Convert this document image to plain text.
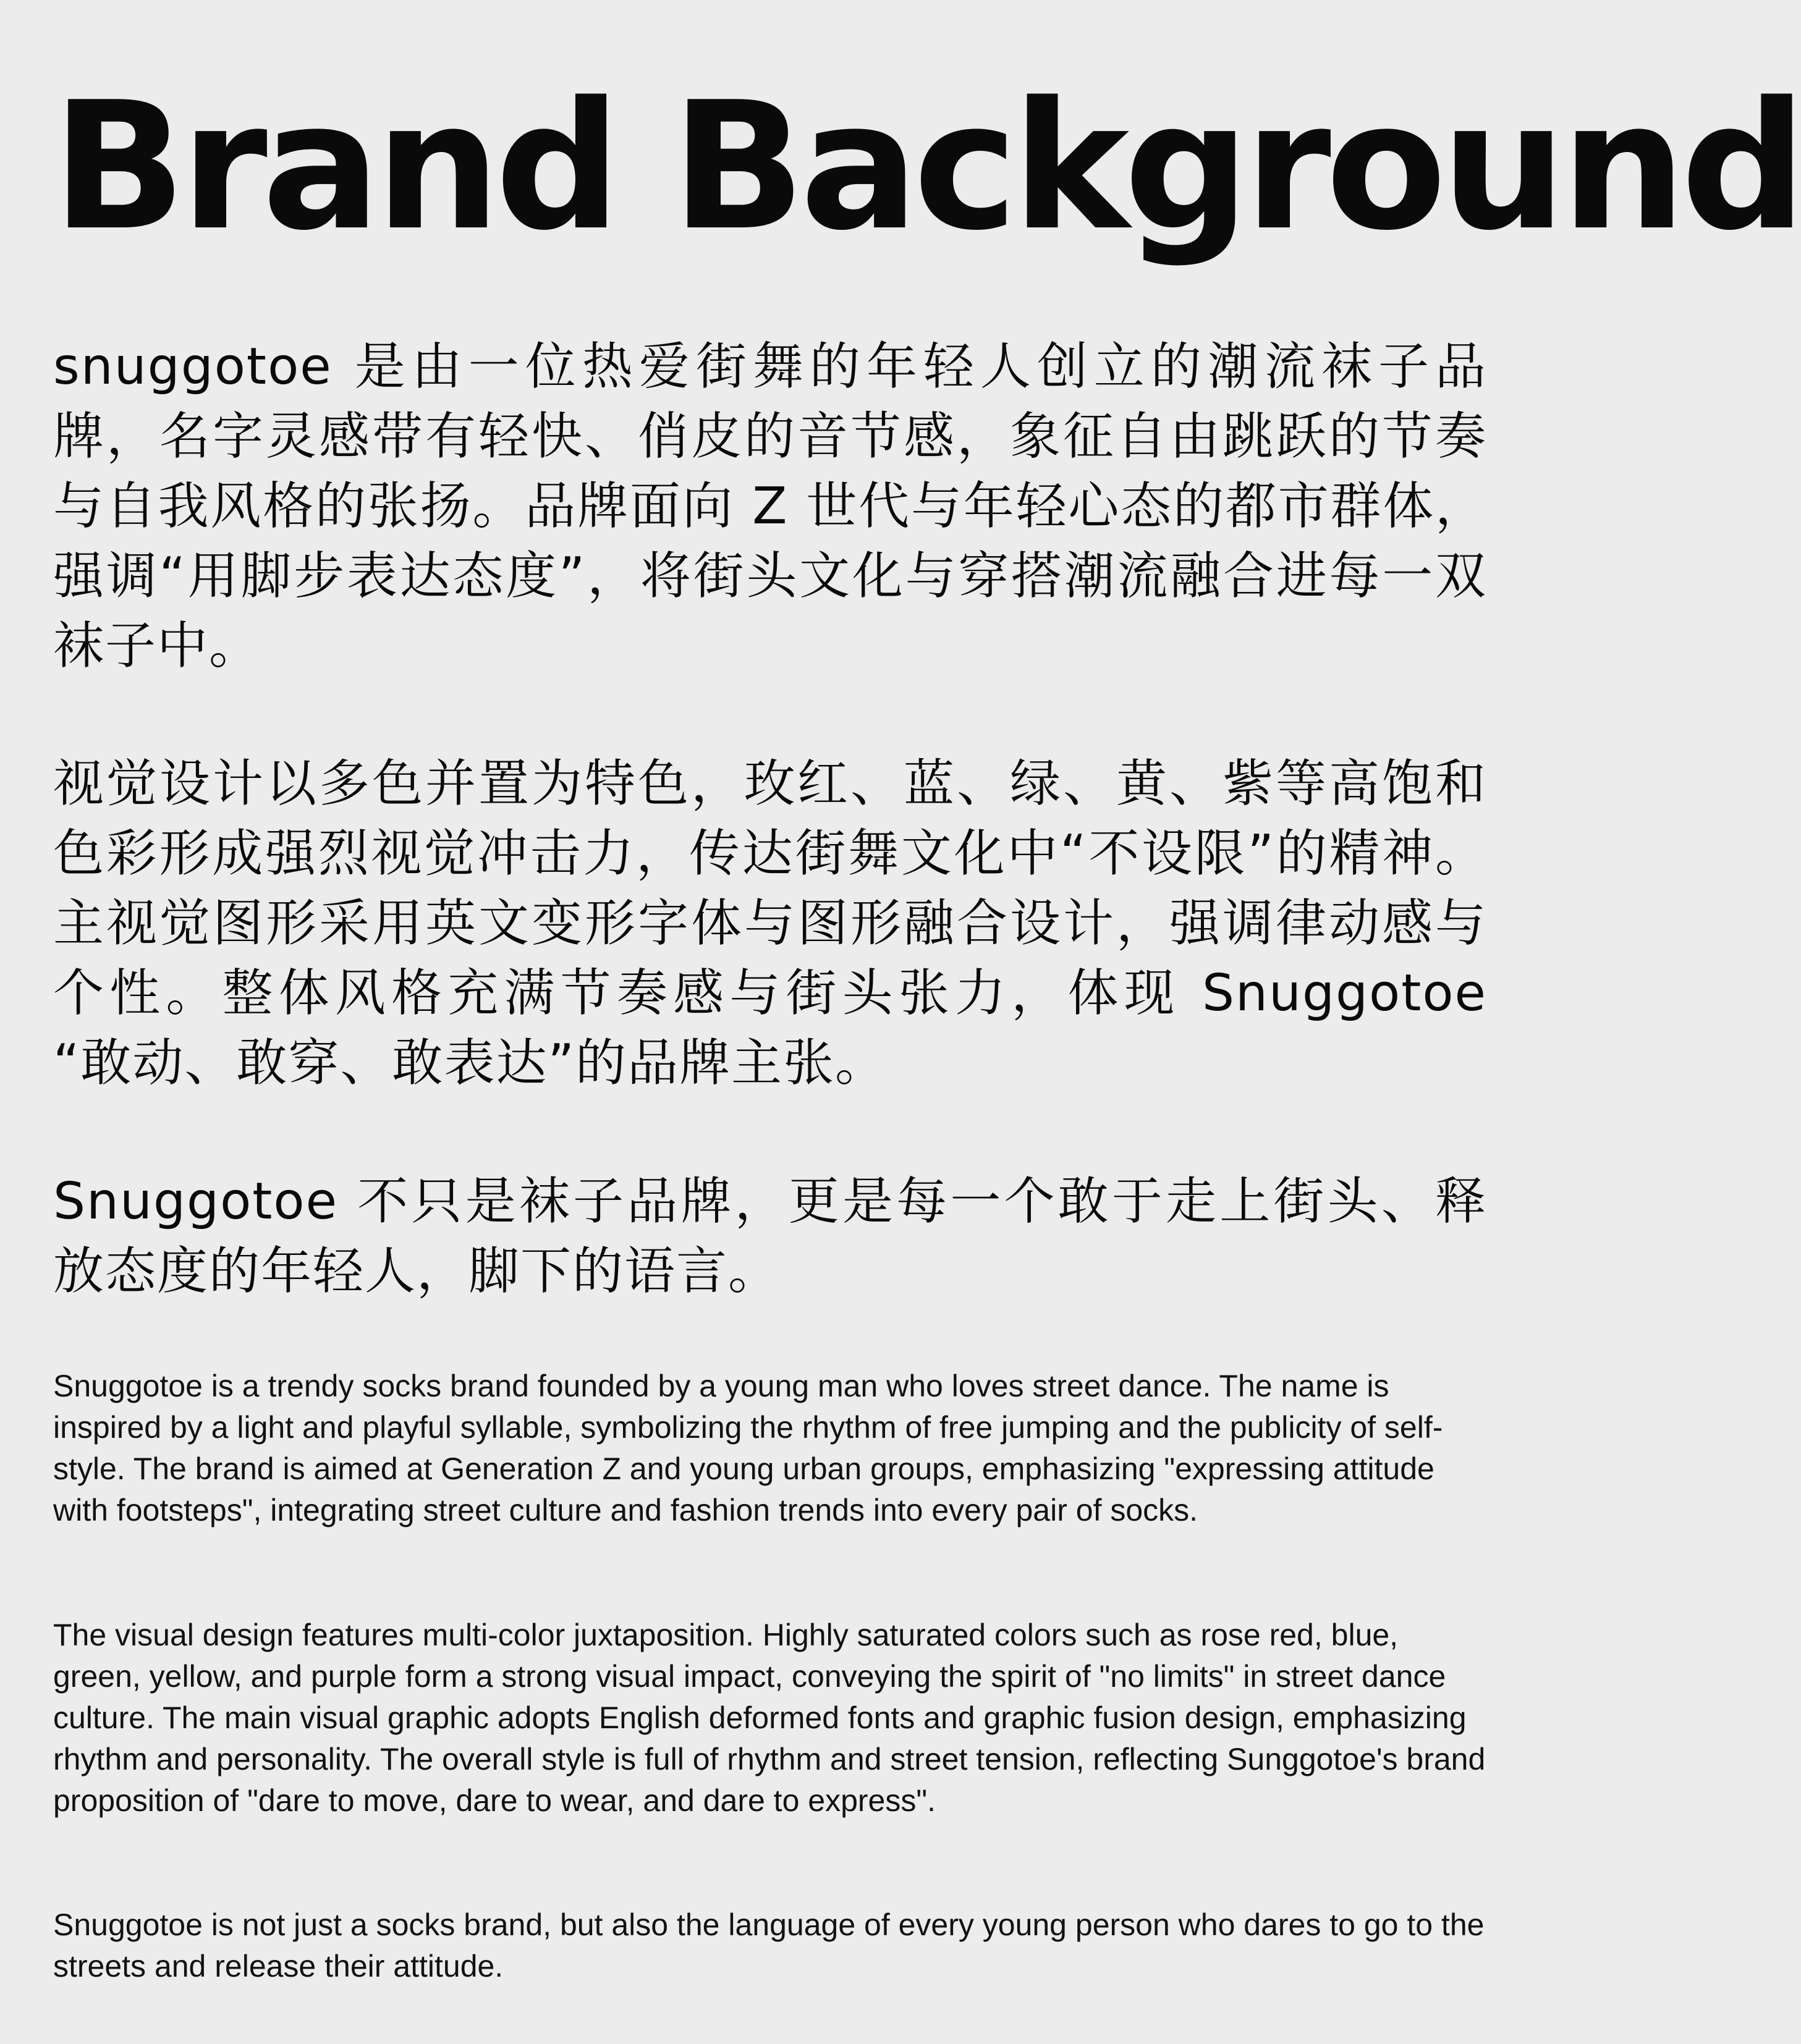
Brand Background

snuggotoe 是由一位热爱街舞的年轻人创立的潮流袜子品牌，名字灵感带有轻快、俏皮的音节感，象征自由跳跃的节奏与自我风格的张扬。品牌面向 Z 世代与年轻心态的都市群体，强调“用脚步表达态度”，将街头文化与穿搭潮流融合进每一双袜子中。

视觉设计以多色并置为特色，玫红、蓝、绿、黄、紫等高饱和色彩形成强烈视觉冲击力，传达街舞文化中“不设限”的精神。主视觉图形采用英文变形字体与图形融合设计，强调律动感与个性。整体风格充满节奏感与街头张力，体现 Snuggotoe “敢动、敢穿、敢表达”的品牌主张。

Snuggotoe 不只是袜子品牌，更是每一个敢于走上街头、释放态度的年轻人，脚下的语言。

Snuggotoe is a trendy socks brand founded by a young man who loves street dance. The name is inspired by a light and playful syllable, symbolizing the rhythm of free jumping and the publicity of self-style. The brand is aimed at Generation Z and young urban groups, emphasizing "expressing attitude with footsteps", integrating street culture and fashion trends into every pair of socks.

The visual design features multi-color juxtaposition. Highly saturated colors such as rose red, blue, green, yellow, and purple form a strong visual impact, conveying the spirit of "no limits" in street dance culture. The main visual graphic adopts English deformed fonts and graphic fusion design, emphasizing rhythm and personality. The overall style is full of rhythm and street tension, reflecting Sunggotoe's brand proposition of "dare to move, dare to wear, and dare to express".

Snuggotoe is not just a socks brand, but also the language of every young person who dares to go to the streets and release their attitude.
